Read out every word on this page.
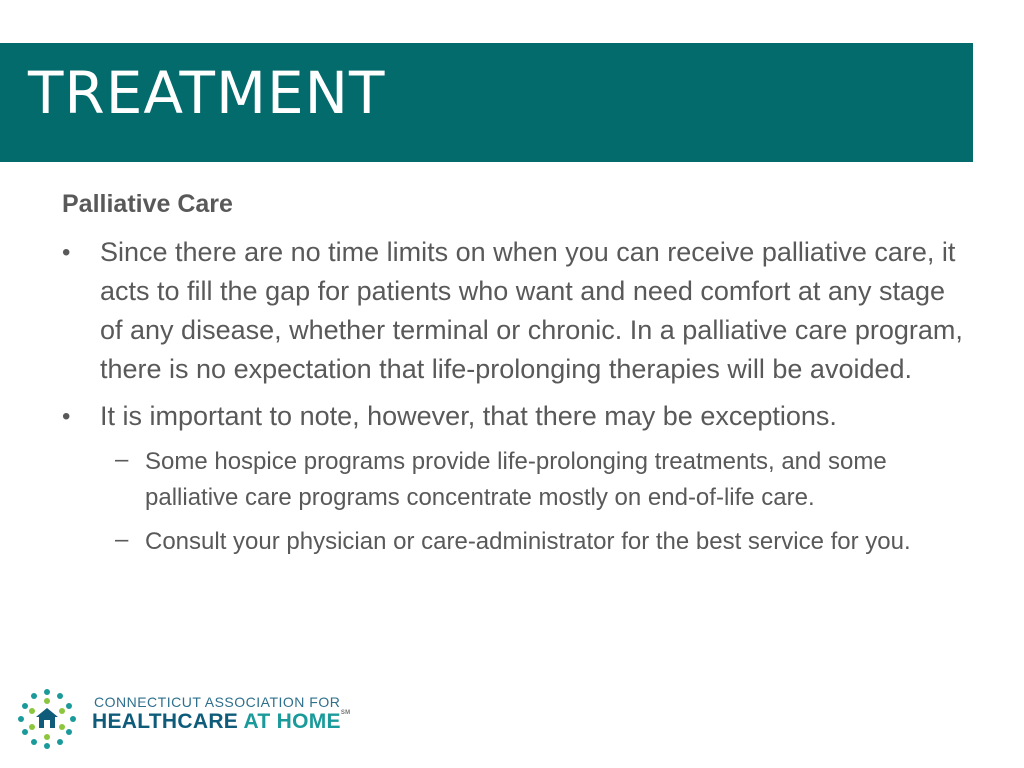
TREATMENT
Palliative Care
• Since there are no time limits on when you can receive palliative care, it acts to fill the gap for patients who want and need comfort at any stage of any disease, whether terminal or chronic. In a palliative care program, there is no expectation that life-prolonging therapies will be avoided.
• It is important to note, however, that there may be exceptions.
– Some hospice programs provide life-prolonging treatments, and some palliative care programs concentrate mostly on end-of-life care.
– Consult your physician or care-administrator for the best service for you.
CONNECTICUT ASSOCIATION FOR
HEALTHCARE AT HOME℠
